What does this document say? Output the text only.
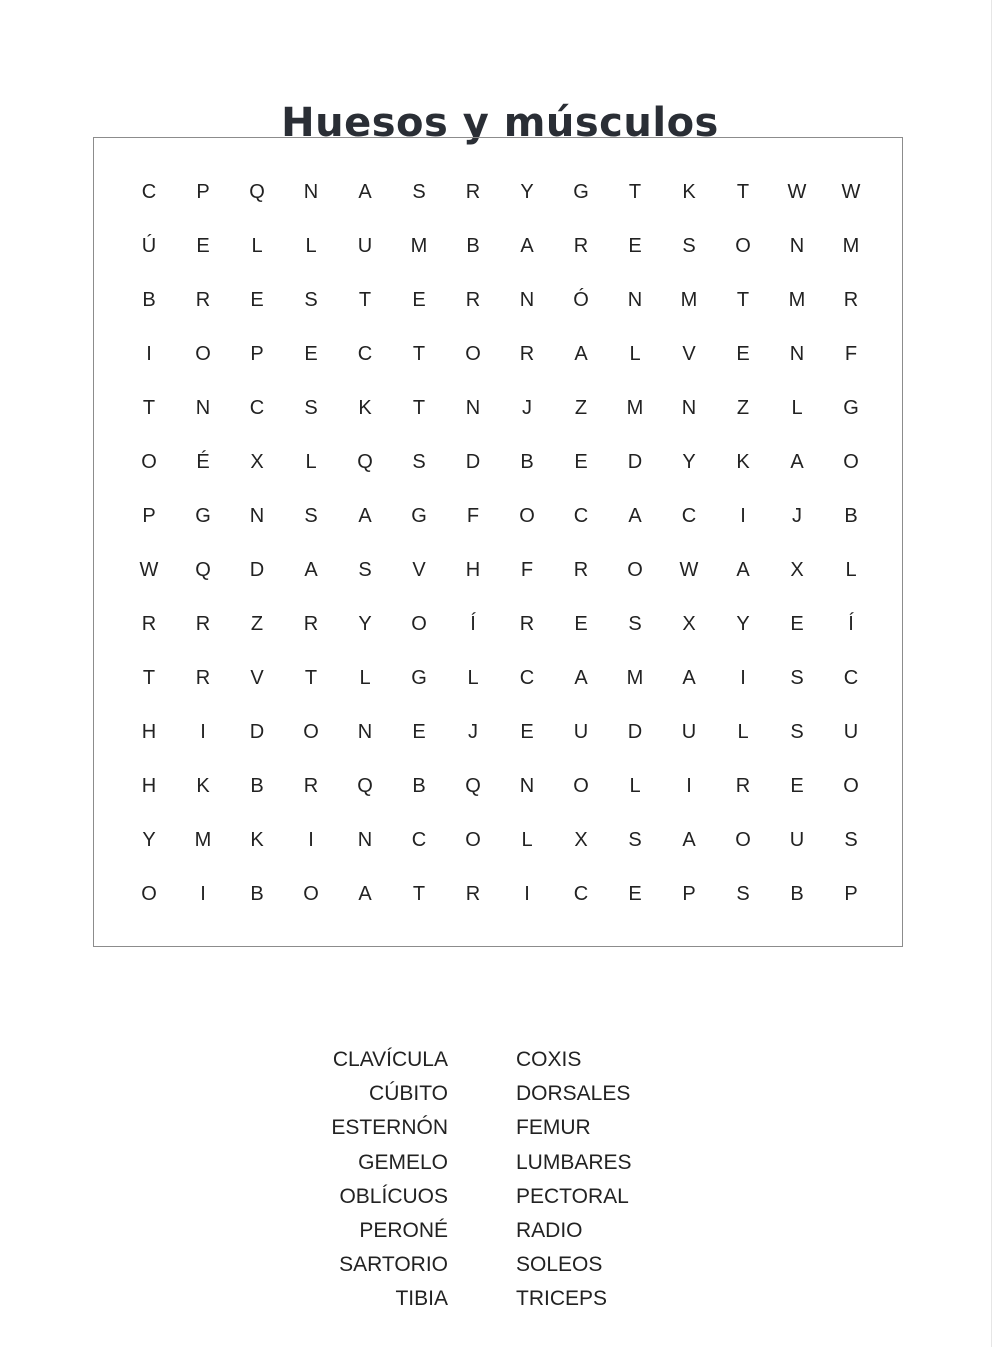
Huesos y músculos
C	P	Q	N	A	S	R	Y	G	T	K	T	W	W
Ú	E	L	L	U	M	B	A	R	E	S	O	N	M
B	R	E	S	T	E	R	N	Ó	N	M	T	M	R
I	O	P	E	C	T	O	R	A	L	V	E	N	F
T	N	C	S	K	T	N	J	Z	M	N	Z	L	G
O	É	X	L	Q	S	D	B	E	D	Y	K	A	O
P	G	N	S	A	G	F	O	C	A	C	I	J	B
W	Q	D	A	S	V	H	F	R	O	W	A	X	L
R	R	Z	R	Y	O	Í	R	E	S	X	Y	E	Í
T	R	V	T	L	G	L	C	A	M	A	I	S	C
H	I	D	O	N	E	J	E	U	D	U	L	S	U
H	K	B	R	Q	B	Q	N	O	L	I	R	E	O
Y	M	K	I	N	C	O	L	X	S	A	O	U	S
O	I	B	O	A	T	R	I	C	E	P	S	B	P
CLAVÍCULA
CÚBITO
ESTERNÓN
GEMELO
OBLÍCUOS
PERONÉ
SARTORIO
TIBIA
COXIS
DORSALES
FEMUR
LUMBARES
PECTORAL
RADIO
SOLEOS
TRICEPS
